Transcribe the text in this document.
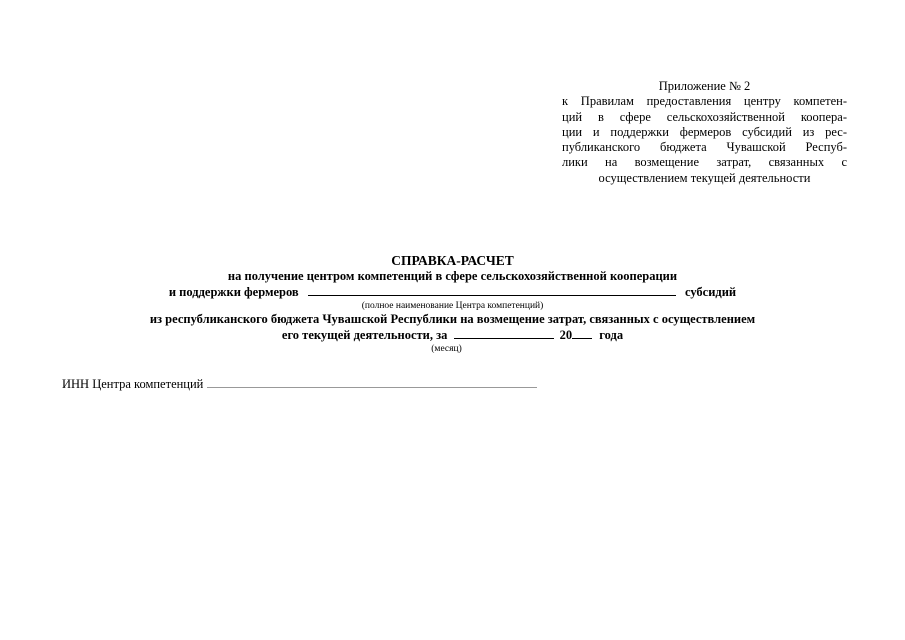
Приложение № 2
к Правилам предоставления центру компетен-
ций в сфере сельскохозяйственной коопера-
ции и поддержки фермеров субсидий из рес-
публиканского бюджета Чувашской Респуб-
лики на возмещение затрат, связанных с
осуществлением текущей деятельности
СПРАВКА-РАСЧЕТ
на получение центром компетенций в сфере сельскохозяйственной кооперации
и поддержки фермеров	субсидий
(полное наименование Центра компетенций)
из республиканского бюджета Чувашской Республики на возмещение затрат, связанных с осуществлением
его текущей деятельности, за	20 года
(месяц)
ИНН Центра компетенций
